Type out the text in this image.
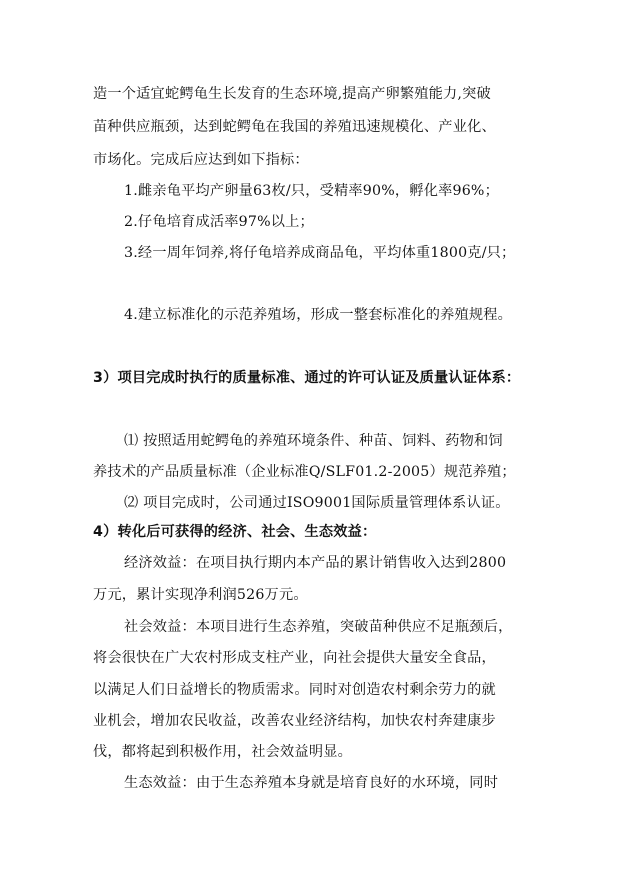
造一个适宜蛇鳄龟生长发育的生态环境,提高产卵繁殖能力,突破
苗种供应瓶颈，达到蛇鳄龟在我国的养殖迅速规模化、产业化、
市场化。完成后应达到如下指标：
1.雌亲龟平均产卵量63枚/只，受精率90%，孵化率96%；
2.仔龟培育成活率97%以上；
3.经一周年饲养,将仔龟培养成商品龟，平均体重1800克/只；
4.建立标准化的示范养殖场，形成一整套标准化的养殖规程。
3）项目完成时执行的质量标准、通过的许可认证及质量认证体系：
⑴ 按照适用蛇鳄龟的养殖环境条件、种苗、饲料、药物和饲
养技术的产品质量标准（企业标准Q/SLF01.2-2005）规范养殖；
⑵ 项目完成时，公司通过ISO9001国际质量管理体系认证。
4）转化后可获得的经济、社会、生态效益：
经济效益：在项目执行期内本产品的累计销售收入达到2800
万元，累计实现净利润526万元。
社会效益：本项目进行生态养殖，突破苗种供应不足瓶颈后，
将会很快在广大农村形成支柱产业，向社会提供大量安全食品，
以满足人们日益增长的物质需求。同时对创造农村剩余劳力的就
业机会，增加农民收益，改善农业经济结构，加快农村奔建康步
伐，都将起到积极作用，社会效益明显。
生态效益：由于生态养殖本身就是培育良好的水环境，同时
